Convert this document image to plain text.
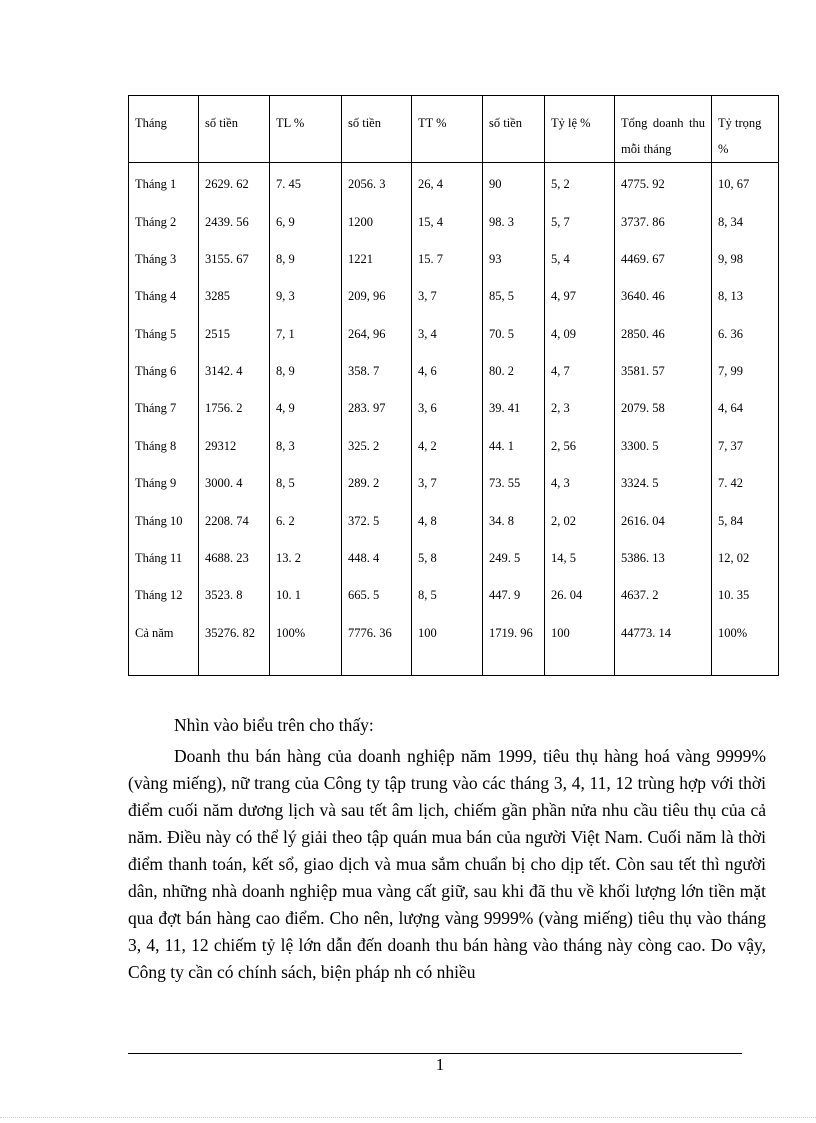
Tháng	số tiền	TL %	số tiền	TT %	số tiền	Tỷ lệ %	Tổng doanh thu mỗi tháng	Tỷ trọng %
Tháng 1	2629. 62	7. 45	2056. 3	26, 4	90	5, 2	4775. 92	10, 67
Tháng 2	2439. 56	6, 9	1200	15, 4	98. 3	5, 7	3737. 86	8, 34
Tháng 3	3155. 67	8, 9	1221	15. 7	93	5, 4	4469. 67	9, 98
Tháng 4	3285	9, 3	209, 96	3, 7	85, 5	4, 97	3640. 46	8, 13
Tháng 5	2515	7, 1	264, 96	3, 4	70. 5	4, 09	2850. 46	6. 36
Tháng 6	3142. 4	8, 9	358. 7	4, 6	80. 2	4, 7	3581. 57	7, 99
Tháng 7	1756. 2	4, 9	283. 97	3, 6	39. 41	2, 3	2079. 58	4, 64
Tháng 8	29312	8, 3	325. 2	4, 2	44. 1	2, 56	3300. 5	7, 37
Tháng 9	3000. 4	8, 5	289. 2	3, 7	73. 55	4, 3	3324. 5	7. 42
Tháng 10	2208. 74	6. 2	372. 5	4, 8	34. 8	2, 02	2616. 04	5, 84
Tháng 11	4688. 23	13. 2	448. 4	5, 8	249. 5	14, 5	5386. 13	12, 02
Tháng 12	3523. 8	10. 1	665. 5	8, 5	447. 9	26. 04	4637. 2	10. 35
Cả năm	35276. 82	100%	7776. 36	100	1719. 96	100	44773. 14	100%

Nhìn vào biểu trên cho thấy:

Doanh thu bán hàng của doanh nghiệp năm 1999, tiêu thụ hàng hoá vàng 9999% (vàng miếng), nữ trang của Công ty tập trung vào các tháng 3, 4, 11, 12 trùng hợp với thời điểm cuối năm dương lịch và sau tết âm lịch, chiếm gần phần nửa nhu cầu tiêu thụ của cả năm. Điều này có thể lý giải theo tập quán mua bán của người Việt Nam. Cuối năm là thời điểm thanh toán, kết sổ, giao dịch và mua sắm chuẩn bị cho dịp tết. Còn sau tết thì người dân, những nhà doanh nghiệp mua vàng cất giữ, sau khi đã thu về khối lượng lớn tiền mặt qua đợt bán hàng cao điểm. Cho nên, lượng vàng 9999% (vàng miếng) tiêu thụ vào tháng 3, 4, 11, 12 chiếm tỷ lệ lớn dẫn đến doanh thu bán hàng vào tháng này còng cao. Do vậy, Công ty cần có chính sách, biện pháp nh có nhiều

1
